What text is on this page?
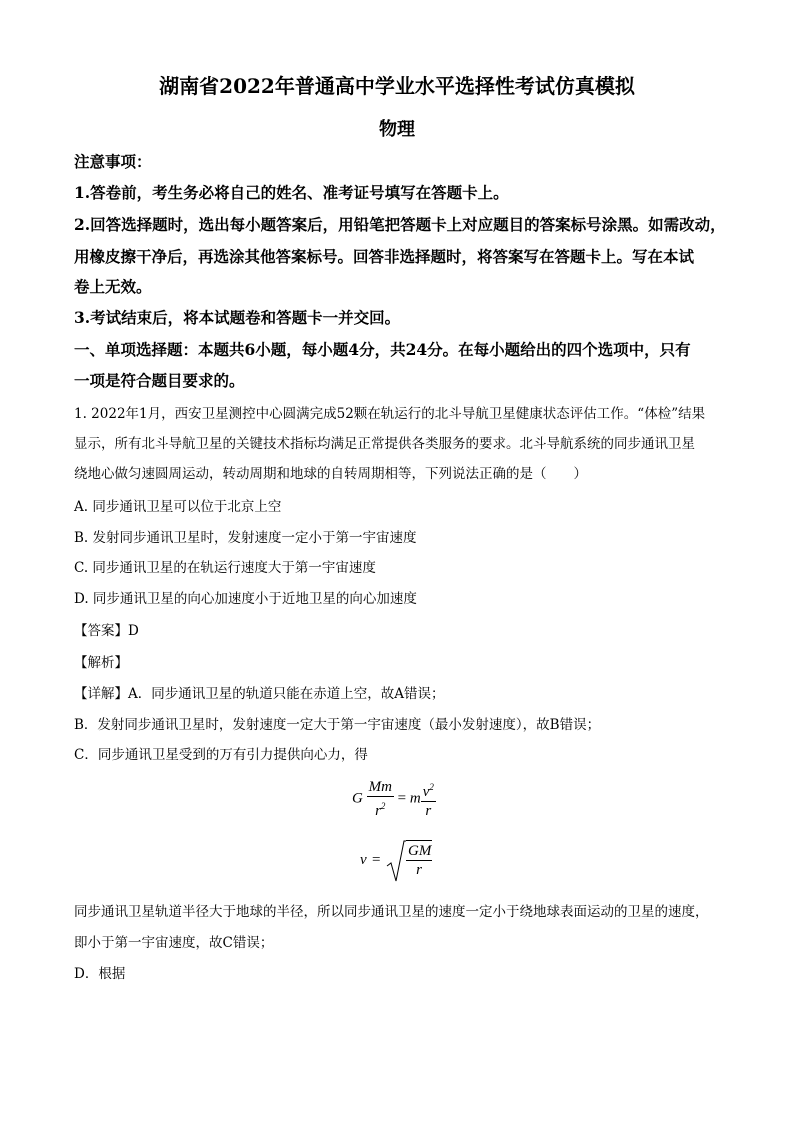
湖南省2022年普通高中学业水平选择性考试仿真模拟
物理
注意事项：
1.答卷前，考生务必将自己的姓名、准考证号填写在答题卡上。
2.回答选择题时，选出每小题答案后，用铅笔把答题卡上对应题目的答案标号涂黑。如需改动，
用橡皮擦干净后，再选涂其他答案标号。回答非选择题时，将答案写在答题卡上。写在本试
卷上无效。
3.考试结束后，将本试题卷和答题卡一并交回。
一、单项选择题：本题共6小题，每小题4分，共24分。在每小题给出的四个选项中，只有
一项是符合题目要求的。
1. 2022年1月，西安卫星测控中心圆满完成52颗在轨运行的北斗导航卫星健康状态评估工作。“体检”结果
显示，所有北斗导航卫星的关键技术指标均满足正常提供各类服务的要求。北斗导航系统的同步通讯卫星
绕地心做匀速圆周运动，转动周期和地球的自转周期相等，下列说法正确的是（　　）
A. 同步通讯卫星可以位于北京上空
B. 发射同步通讯卫星时，发射速度一定小于第一宇宙速度
C. 同步通讯卫星的在轨运行速度大于第一宇宙速度
D. 同步通讯卫星的向心加速度小于近地卫星的向心加速度
【答案】D
【解析】
【详解】A．同步通讯卫星的轨道只能在赤道上空，故A错误；
B．发射同步通讯卫星时，发射速度一定大于第一宇宙速度（最小发射速度），故B错误；
C．同步通讯卫星受到的万有引力提供向心力，得
G $\frac{Mm}{r^2} = m \frac{v^2}{r}$
$v = \frac{GM}{r}$
同步通讯卫星轨道半径大于地球的半径，所以同步通讯卫星的速度一定小于绕地球表面运动的卫星的速度，
即小于第一宇宙速度，故C错误；
D．根据
